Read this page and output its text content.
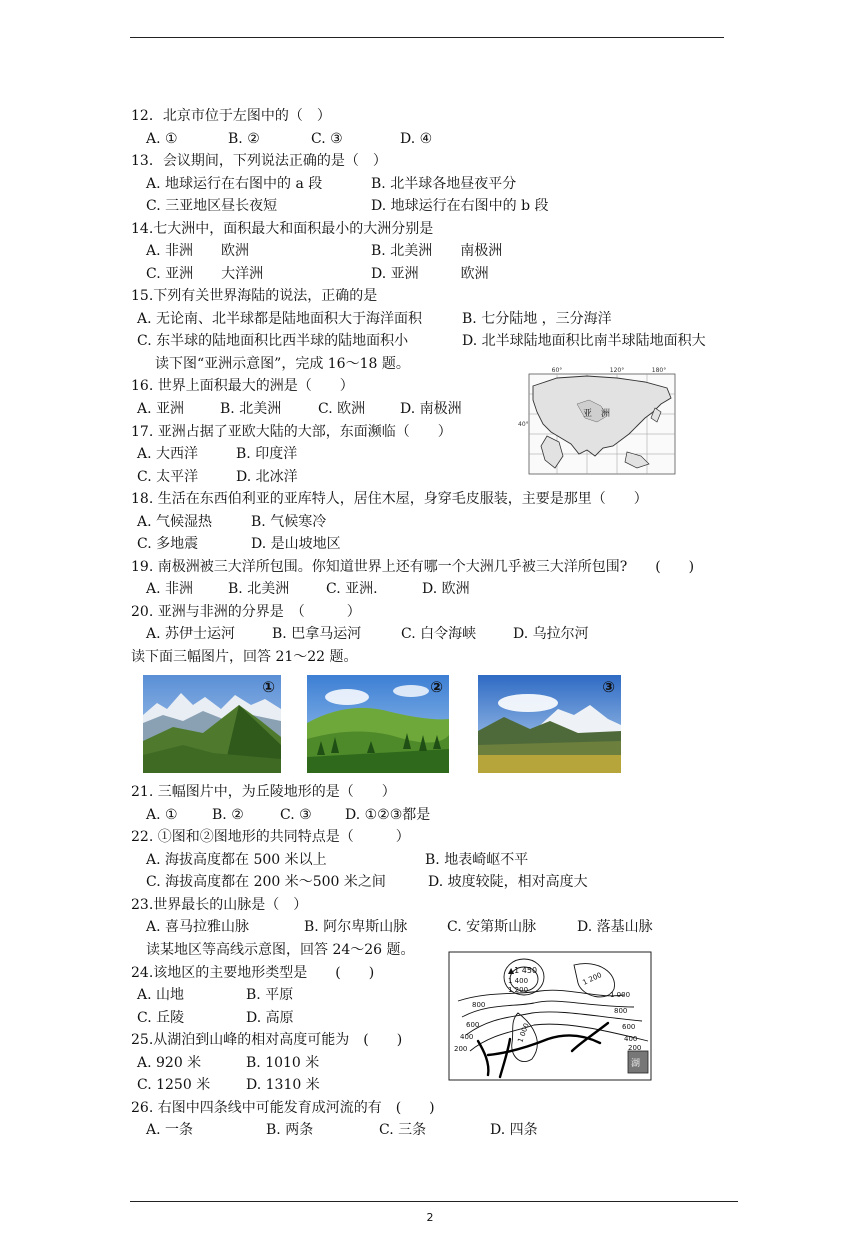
12．北京市位于左图中的（　）
A. ①	B. ②	C. ③	D. ④
13．会议期间，下列说法正确的是（　）
A. 地球运行在右图中的 a 段	B. 北半球各地昼夜平分
C. 三亚地区昼长夜短	D. 地球运行在右图中的 b 段
14.七大洲中，面积最大和面积最小的大洲分别是
A. 非洲　　欧洲	B. 北美洲　　南极洲
C. 亚洲　　大洋洲	D. 亚洲　　　欧洲
15.下列有关世界海陆的说法，正确的是
A. 无论南、北半球都是陆地面积大于海洋面积	B. 七分陆地 ，三分海洋
C. 东半球的陆地面积比西半球的陆地面积小	D. 北半球陆地面积比南半球陆地面积大
读下图“亚洲示意图”，完成 16～18 题。	60°	120°	180°
40°
亚　洲
16. 世界上面积最大的洲是（　　）
A. 亚洲	B. 北美洲	C. 欧洲 D. 南极洲
17. 亚洲占据了亚欧大陆的大部，东面濒临（　　）
A. 大西洋	B. 印度洋
C. 太平洋	D. 北冰洋
18. 生活在东西伯利亚的亚库特人，居住木屋，身穿毛皮服装，主要是那里（　　）
A. 气候湿热	B. 气候寒冷
C. 多地震	D. 是山坡地区
19. 南极洲被三大洋所包围。你知道世界上还有哪一个大洲几乎被三大洋所包围?　　(　　)
A. 非洲 B. 北美洲	C. 亚洲.	D. 欧洲
20. 亚洲与非洲的分界是　（　　　）
A. 苏伊士运河	B. 巴拿马运河	C. 白令海峡	D. 乌拉尔河
读下面三幅图片，回答 21～22 题。
①	②	③
21. 三幅图片中，为丘陵地形的是（　　）
A. ① B. ②	C. ③ D. ①②③都是
22. ①图和②图地形的共同特点是（　　　）
A. 海拔高度都在 500 米以上	B. 地表崎岖不平
C. 海拔高度都在 200 米～500 米之间	D. 坡度较陡，相对高度大
23.世界最长的山脉是（　）
A. 喜马拉雅山脉	B. 阿尔卑斯山脉	C. 安第斯山脉	D. 落基山脉
读某地区等高线示意图，回答 24～26 题。
湖
▲1 450
1 400
1 200
1 200
1 000
1 000
800
800
600	600
400	400
200	200
24.该地区的主要地形类型是　　(　　)
A. 山地	B. 平原
C. 丘陵	D. 高原
25.从湖泊到山峰的相对高度可能为　(　　)
A. 920 米	B. 1010 米
C. 1250 米	D. 1310 米
26. 右图中四条线中可能发育成河流的有　(　　)
A. 一条	B. 两条	C. 三条	D. 四条
2
